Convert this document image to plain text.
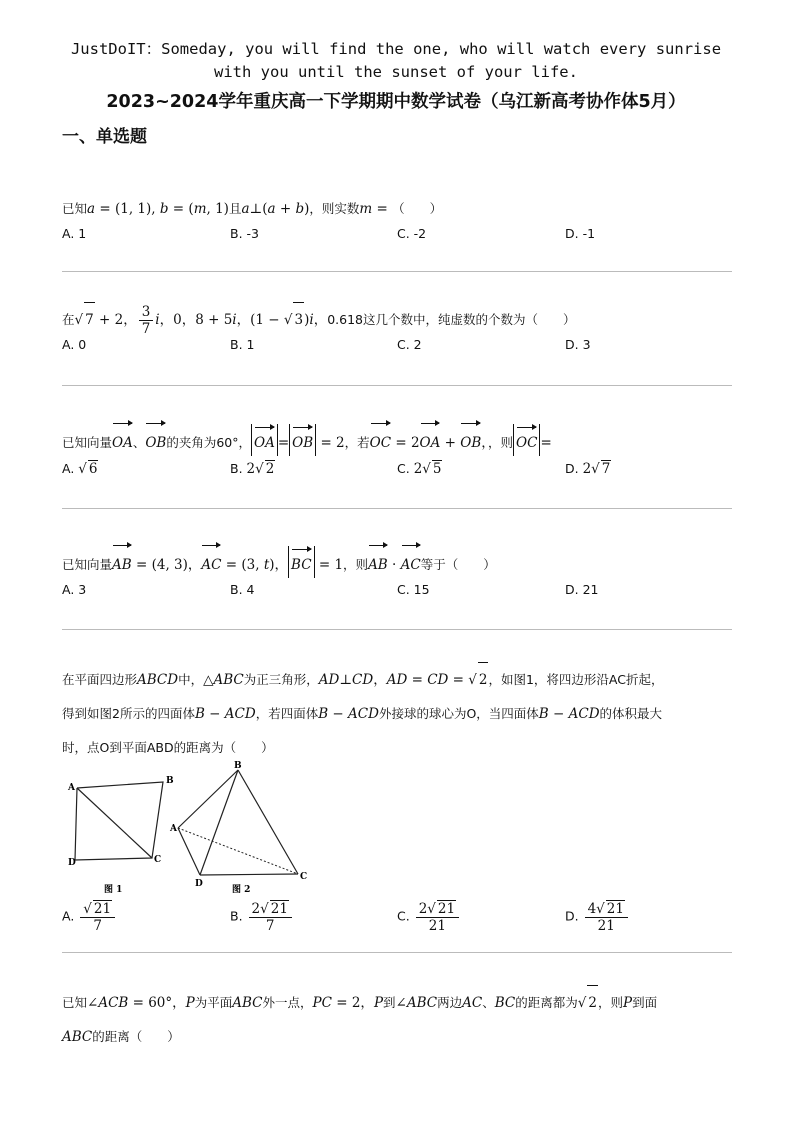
JustDoIT：Someday, you will find the one, who will watch every sunrise
with you until the sunset of your life.
2023~2024学年重庆高一下学期期中数学试卷（乌江新高考协作体5月）
一、单选题
已知a = (1, 1), b = (m, 1)且a⊥(a + b)，则实数m = （　　）
A. 1	B. -3	C. -2	D. -1
在√ 7 + 2， $\frac{3}{7}$ i，0，8 + 5i，(1 − √ 3)i，0.618这几个数中，纯虚数的个数为（　　）
A. 0	B. 1	C. 2	D. 3
已知向量OA、OB的夹角为60°， OA = OB = 2，若OC = 2OA + OB，，则 OC =
A. √ 6	B. 2√ 2	C. 2√ 5	D. 2√ 7
已知向量AB = (4, 3)，AC = (3, t)， BC = 1，则AB · AC等于（　　）
A. 3	B. 4	C. 15	D. 21
在平面四边形ABCD中，△ABC为正三角形，AD⊥CD，AD = CD = √ 2，如图1，将四边形沿AC折起，
得到如图2所示的四面体B − ACD，若四面体B − ACD外接球的球心为O，当四面体B − ACD的体积最大
时，点O到平面ABD的距离为（　　）
A
B
C
D
图 1
B
A
D
C
图 2
A. $\frac{√ 21}{7}$	B. $\frac{2√ 21}{7}$	C. $\frac{2√ 21}{21}$	D. $\frac{4√ 21}{21}$
已知∠ACB = 60°，P为平面ABC外一点，PC = 2，P到∠ABC两边AC、BC的距离都为√ 2，则P到面
ABC的距离（　　）
